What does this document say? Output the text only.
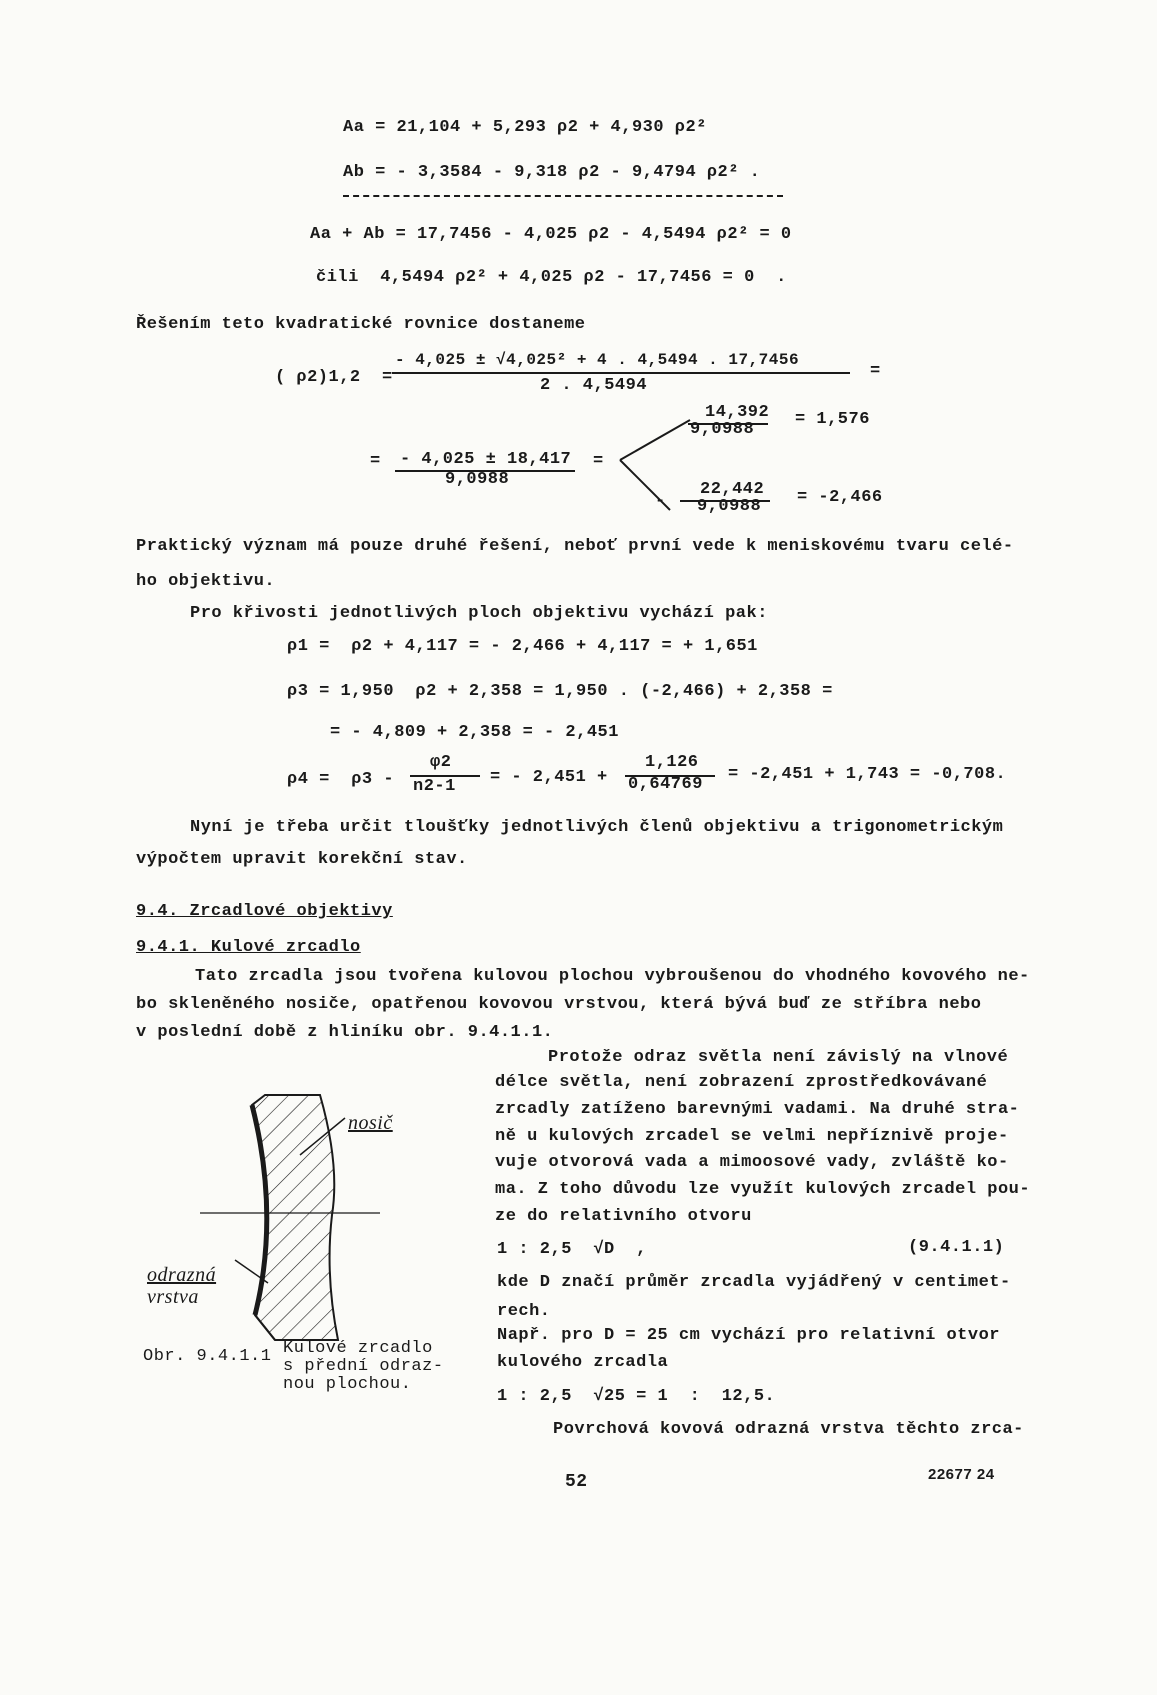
Aa = 21,104 + 5,293 ρ2 + 4,930 ρ2²
Ab = - 3,3584 - 9,318 ρ2 - 9,4794 ρ2² .
Aa + Ab = 17,7456 - 4,025 ρ2 - 4,5494 ρ2² = 0
čili  4,5494 ρ2² + 4,025 ρ2 - 17,7456 = 0  .
Řešením teto kvadratické rovnice dostaneme
( ρ2)1,2  =
- 4,025 ± √4,025² + 4 . 4,5494 . 17,7456
2 . 4,5494
=
= - 4,025 ± 18,417
9,0988
=
14,392
9,0988
= 1,576
-
22,442
9,0988 = -2,466
Praktický význam má pouze druhé řešení, neboť první vede k meniskovému tvaru celé-
ho objektivu.
Pro křivosti jednotlivých ploch objektivu vychází pak:
ρ1 =  ρ2 + 4,117 = - 2,466 + 4,117 = + 1,651
ρ3 = 1,950  ρ2 + 2,358 = 1,950 . (-2,466) + 2,358 =
= - 4,809 + 2,358 = - 2,451
ρ4 =  ρ3 -
φ2
n2-1 = - 2,451 +
1,126
0,64769
= -2,451 + 1,743 = -0,708.
Nyní je třeba určit tloušťky jednotlivých členů objektivu a trigonometrickým
výpočtem upravit korekční stav.
9.4. Zrcadlové objektivy
9.4.1. Kulové zrcadlo
Tato zrcadla jsou tvořena kulovou plochou vybroušenou do vhodného kovového ne-
bo skleněného nosiče, opatřenou kovovou vrstvou, která bývá buď ze stříbra nebo
v poslední době z hliníku obr. 9.4.1.1.
Protože odraz světla není závislý na vlnové
délce světla, není zobrazení zprostředkovávané
zrcadly zatíženo barevnými vadami. Na druhé stra-
ně u kulových zrcadel se velmi nepříznivě proje-
vuje otvorová vada a mimoosové vady, zvláště ko-
ma. Z toho důvodu lze využít kulových zrcadel pou-
ze do relativního otvoru
1 : 2,5  √D  ,	(9.4.1.1)
kde D značí průměr zrcadla vyjádřený v centimet-
rech.
Např. pro D = 25 cm vychází pro relativní otvor
kulového zrcadla
1 : 2,5  √25 = 1  :  12,5.
Povrchová kovová odrazná vrstva těchto zrca-
nosič
odrazná
vrstva
Obr. 9.4.1.1 Kulové zrcadlo
s přední odraz-
nou plochou.
52	22677 24
